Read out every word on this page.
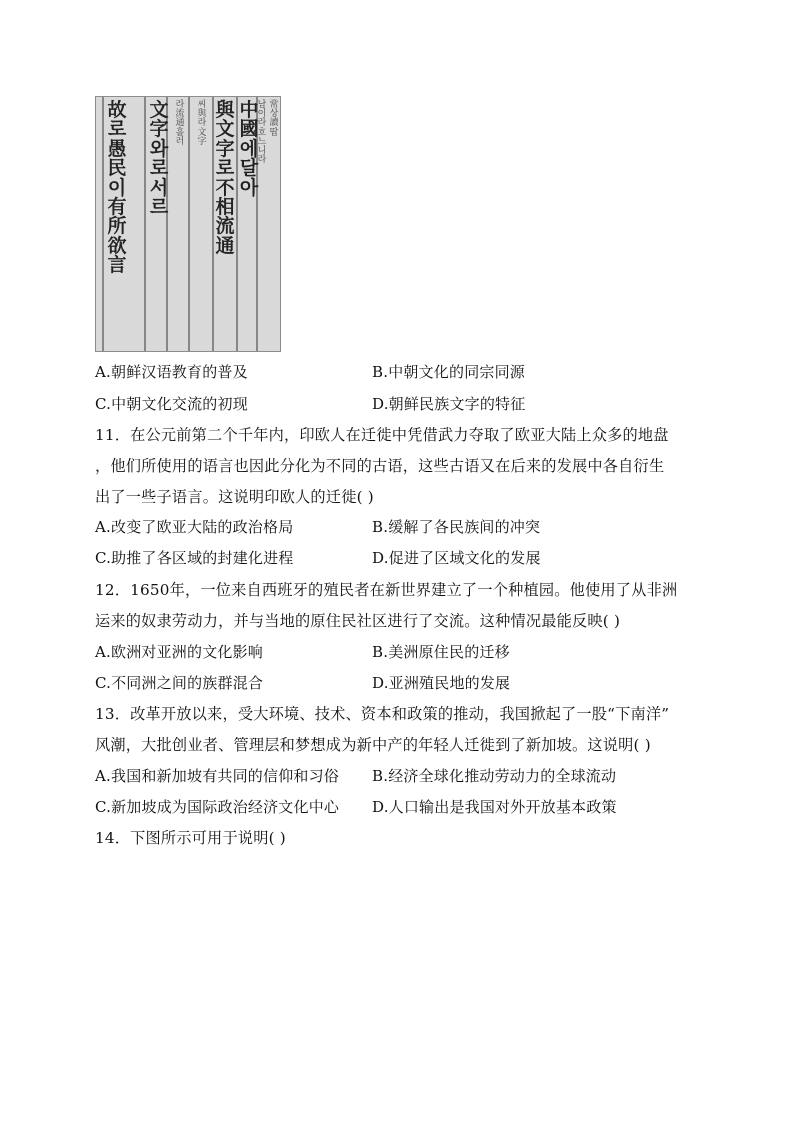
常
상
讀
땁
남
이
라
흐
느
니
라
中
國
에
달
아
與
文
字
로
不
相
流
通
씨
與
라
文
字
라
流
通
흘
러
文
字
와
로
서
르
故
로
愚
民
이
有
所
欲
言
A.朝鲜汉语教育的普及	B.中朝文化的同宗同源
C.中朝文化交流的初现	D.朝鲜民族文字的特征
11．在公元前第二个千年内，印欧人在迁徙中凭借武力夺取了欧亚大陆上众多的地盘
，他们所使用的语言也因此分化为不同的古语，这些古语又在后来的发展中各自衍生
出了一些子语言。这说明印欧人的迁徙( )
A.改变了欧亚大陆的政治格局	B.缓解了各民族间的冲突
C.助推了各区域的封建化进程	D.促进了区域文化的发展
12．1650年，一位来自西班牙的殖民者在新世界建立了一个种植园。他使用了从非洲
运来的奴隶劳动力，并与当地的原住民社区进行了交流。这种情况最能反映( )
A.欧洲对亚洲的文化影响	B.美洲原住民的迁移
C.不同洲之间的族群混合	D.亚洲殖民地的发展
13．改革开放以来，受大环境、技术、资本和政策的推动，我国掀起了一股“下南洋”
风潮，大批创业者、管理层和梦想成为新中产的年轻人迁徙到了新加坡。这说明( )
A.我国和新加坡有共同的信仰和习俗 B.经济全球化推动劳动力的全球流动
C.新加坡成为国际政治经济文化中心 D.人口输出是我国对外开放基本政策
14．下图所示可用于说明( )
